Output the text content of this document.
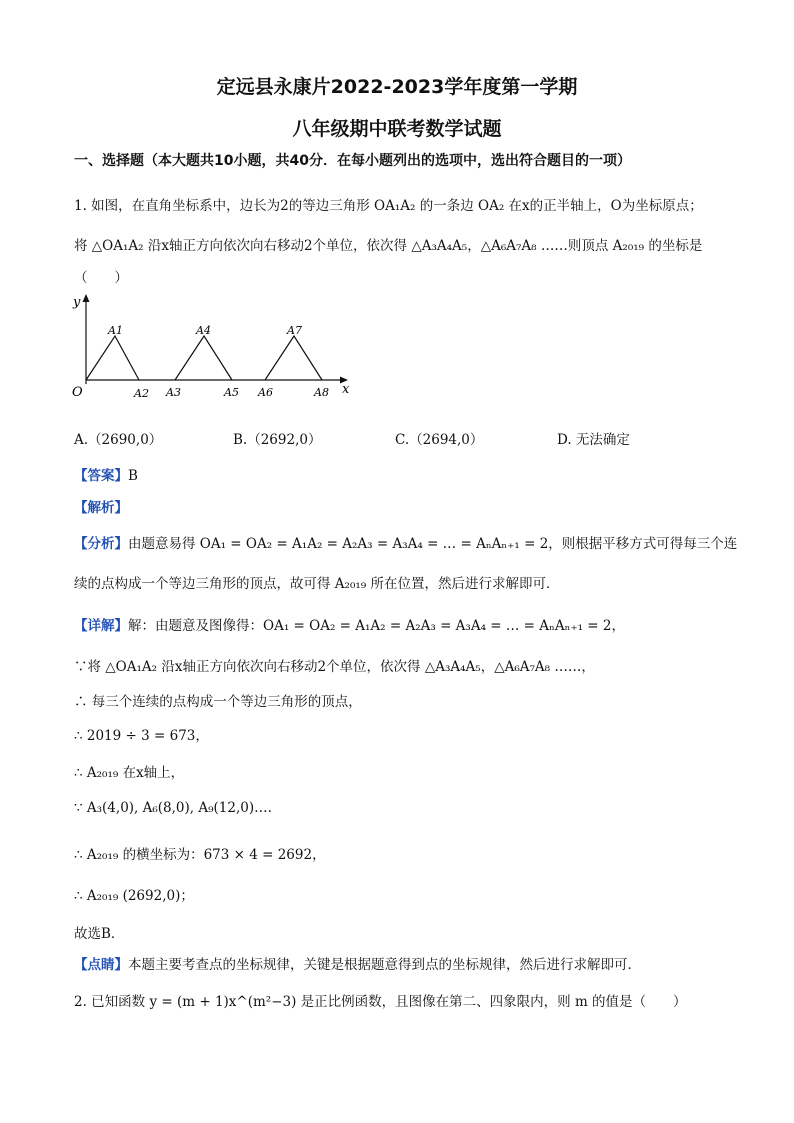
定远县永康片2022-2023学年度第一学期
八年级期中联考数学试题
一、选择题（本大题共10小题，共40分．在每小题列出的选项中，选出符合题目的一项）
1. 如图，在直角坐标系中，边长为2的等边三角形 OA₁A₂ 的一条边 OA₂ 在x的正半轴上，O为坐标原点；
将 △OA₁A₂ 沿x轴正方向依次向右移动2个单位，依次得 △A₃A₄A₅，△A₆A₇A₈ ……则顶点 A₂₀₁₉ 的坐标是
（　　）
y
x
O
A1
A2 A3
A4
A5 A6
A7
A8
A.（2690,0）	B.（2692,0）	C.（2694,0）	D. 无法确定
【答案】B
【解析】
【分析】由题意易得 OA₁ = OA₂ = A₁A₂ = A₂A₃ = A₃A₄ = … = AₙAₙ₊₁ = 2，则根据平移方式可得每三个连
续的点构成一个等边三角形的顶点，故可得 A₂₀₁₉ 所在位置，然后进行求解即可．
【详解】解：由题意及图像得：OA₁ = OA₂ = A₁A₂ = A₂A₃ = A₃A₄ = … = AₙAₙ₊₁ = 2，
∵将 △OA₁A₂ 沿x轴正方向依次向右移动2个单位，依次得 △A₃A₄A₅，△A₆A₇A₈ ……，
∴ 每三个连续的点构成一个等边三角形的顶点，
∴ 2019 ÷ 3 = 673，
∴ A₂₀₁₉ 在x轴上，
∵ A₃(4,0), A₆(8,0), A₉(12,0)….
∴ A₂₀₁₉ 的横坐标为：673 × 4 = 2692，
∴ A₂₀₁₉ (2692,0)；
故选B．
【点睛】本题主要考查点的坐标规律，关键是根据题意得到点的坐标规律，然后进行求解即可．
2. 已知函数 y = (m + 1)x^(m²−3) 是正比例函数，且图像在第二、四象限内，则 m 的值是（　　）
